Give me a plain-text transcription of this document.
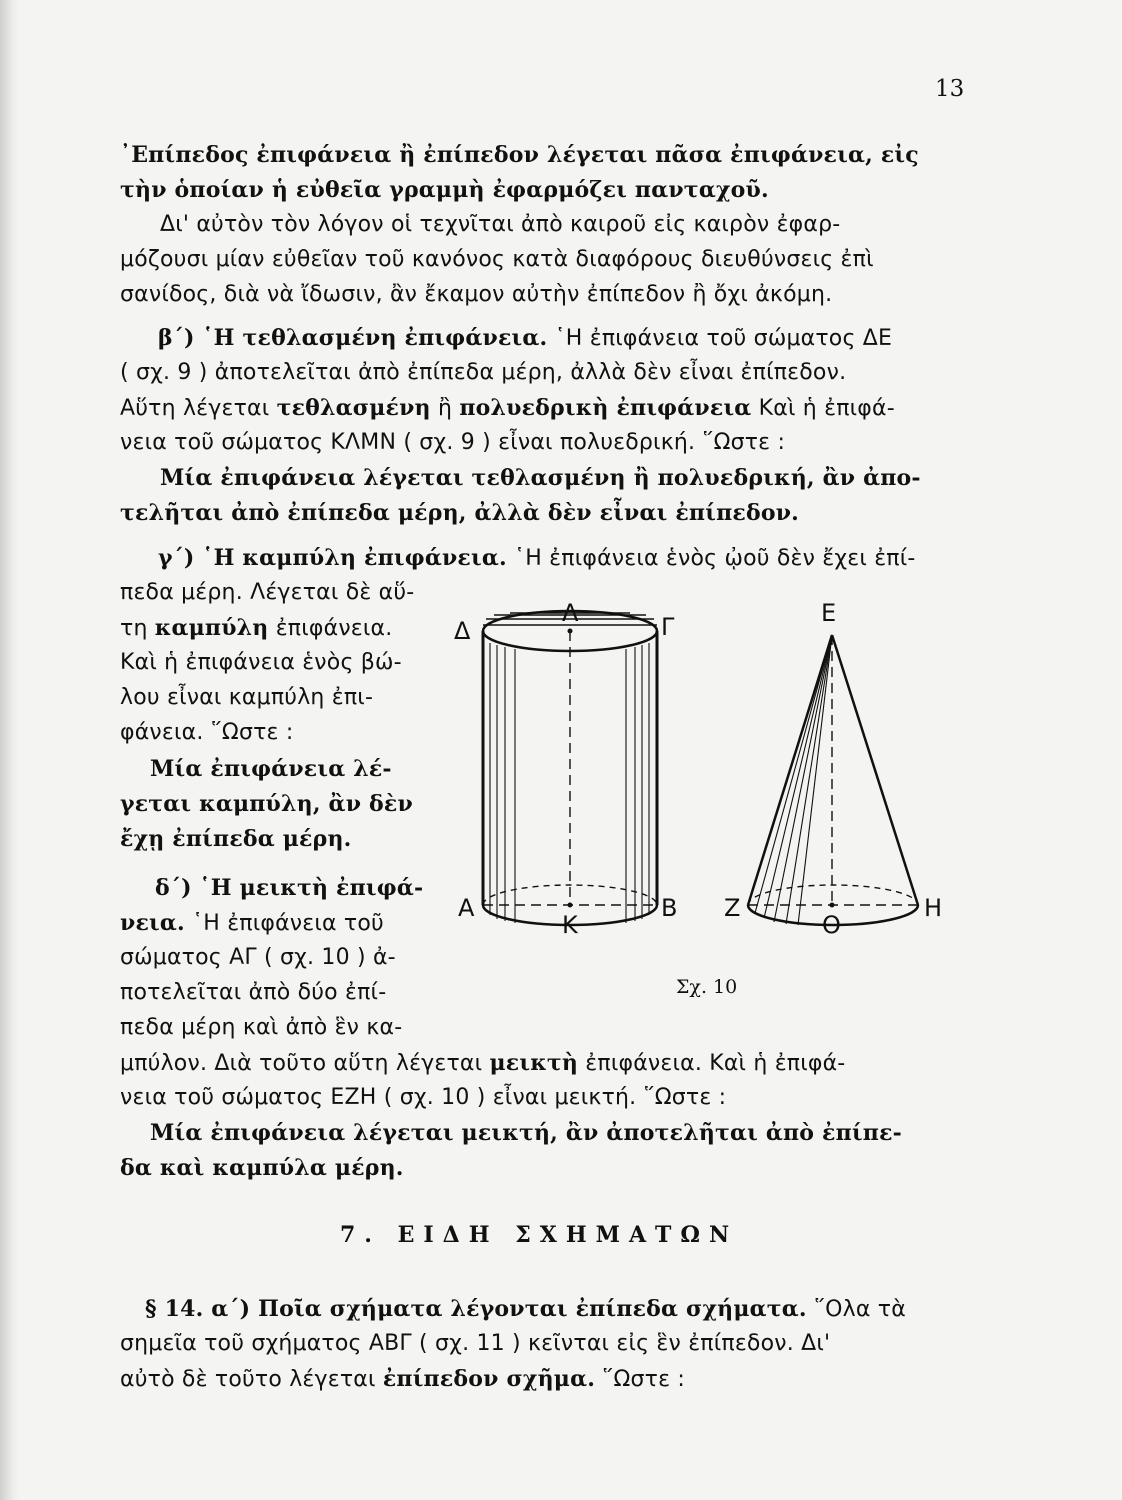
13
᾿Επίπεδος ἐπιφάνεια ἢ ἐπίπεδον λέγεται πᾶσα ἐπιφάνεια, εἰς
τὴν ὁποίαν ἡ εὐθεῖα γραμμὴ ἐφαρμόζει πανταχοῦ.
Δι' αὐτὸν τὸν λόγον οἱ τεχνῖται ἀπὸ καιροῦ εἰς καιρὸν ἐφαρ-
μόζουσι μίαν εὐθεῖαν τοῦ κανόνος κατὰ διαφόρους διευθύνσεις ἐπὶ
σανίδος, διὰ νὰ ἴδωσιν, ἂν ἔκαμον αὐτὴν ἐπίπεδον ἢ ὄχι ἀκόμη.
β΄) ῾Η τεθλασμένη ἐπιφάνεια. ῾Η ἐπιφάνεια τοῦ σώματος ΔΕ
( σχ. 9 ) ἀποτελεῖται ἀπὸ ἐπίπεδα μέρη, ἀλλὰ δὲν εἶναι ἐπίπεδον.
Αὕτη λέγεται τεθλασμένη ἢ πολυεδρικὴ ἐπιφάνεια Καὶ ἡ ἐπιφά-
νεια τοῦ σώματος ΚΛΜΝ ( σχ. 9 ) εἶναι πολυεδρική. ῞Ωστε :
Μία ἐπιφάνεια λέγεται τεθλασμένη ἢ πολυεδρική, ἂν ἀπο-
τελῆται ἀπὸ ἐπίπεδα μέρη, ἀλλὰ δὲν εἶναι ἐπίπεδον.
γ΄) ῾Η καμπύλη ἐπιφάνεια. ῾Η ἐπιφάνεια ἑνὸς ᾠοῦ δὲν ἔχει ἐπί-
πεδα μέρη. Λέγεται δὲ αὕ-
τη καμπύλη ἐπιφάνεια.
Καὶ ἡ ἐπιφάνεια ἑνὸς βώ-
λου εἶναι καμπύλη ἐπι-
φάνεια. ῞Ωστε :
Μία ἐπιφάνεια λέ-
γεται καμπύλη, ἂν δὲν
ἔχῃ ἐπίπεδα μέρη.
δ΄) ῾Η μεικτὴ ἐπιφά-
νεια. ῾Η ἐπιφάνεια τοῦ
σώματος ΑΓ ( σχ. 10 ) ἀ-
ποτελεῖται ἀπὸ δύο ἐπί-
πεδα μέρη καὶ ἀπὸ ἓν κα-
μπύλον. Διὰ τοῦτο αὕτη λέγεται μεικτὴ ἐπιφάνεια. Καὶ ἡ ἐπιφά-
νεια τοῦ σώματος ΕΖΗ ( σχ. 10 ) εἶναι μεικτή. ῞Ωστε :
Μία ἐπιφάνεια λέγεται μεικτή, ἂν ἀποτελῆται ἀπὸ ἐπίπε-
δα καὶ καμπύλα μέρη.
7. ΕΙΔΗ ΣΧΗΜΑΤΩΝ
§ 14. α΄) Ποῖα σχήματα λέγονται ἐπίπεδα σχήματα. ῞Ολα τὰ
σημεῖα τοῦ σχήματος ΑΒΓ ( σχ. 11 ) κεῖνται εἰς ἓν ἐπίπεδον. Δι'
αὐτὸ δὲ τοῦτο λέγεται ἐπίπεδον σχῆμα. ῞Ωστε :
Δ
Λ	Γ
Α
Κ
Β
Ε
Ζ
Ο
Η
Σχ. 10
